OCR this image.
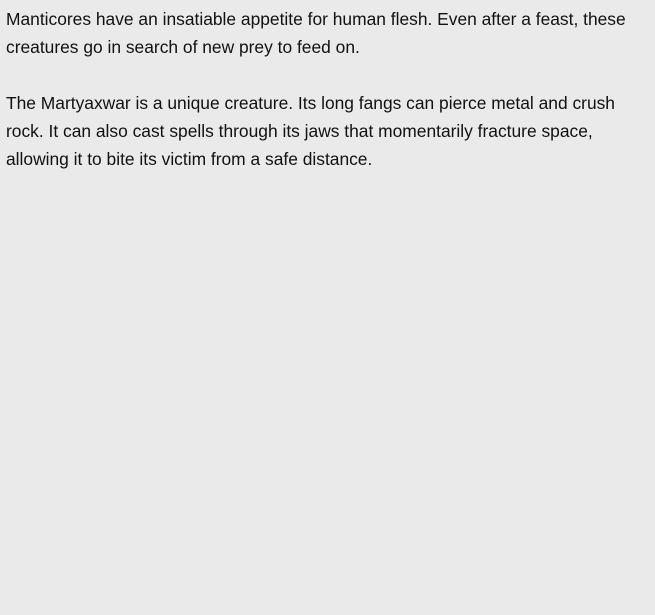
Manticores have an insatiable appetite for human flesh. Even after a feast, these creatures go in search of new prey to feed on.

The Martyaxwar is a unique creature. Its long fangs can pierce metal and crush rock. It can also cast spells through its jaws that momentarily fracture space, allowing it to bite its victim from a safe distance.
